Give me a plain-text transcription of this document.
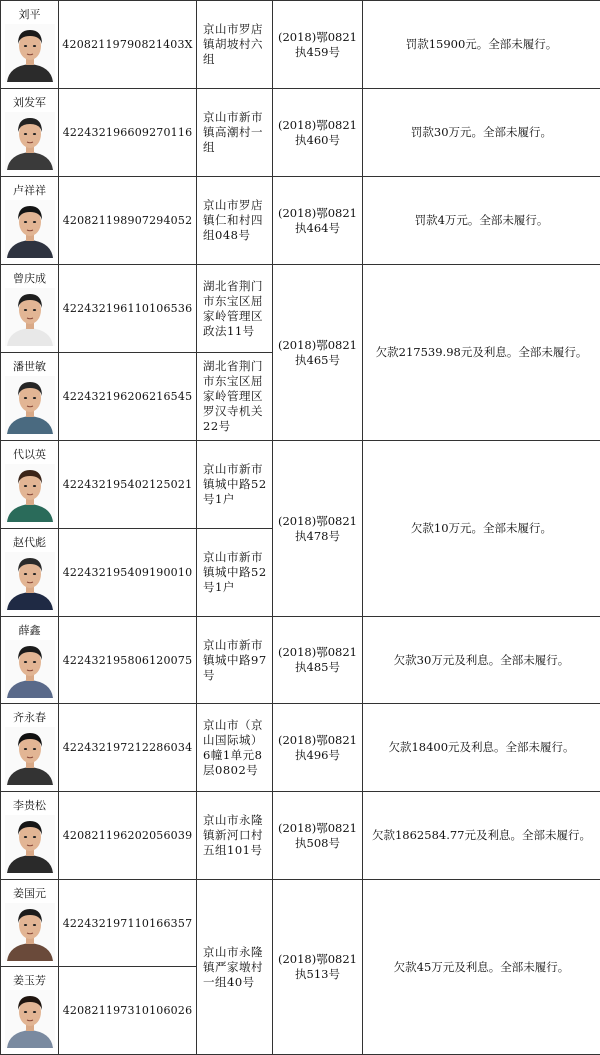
刘平	42082119790821403X	京山市罗店镇胡坡村六组	(2018)鄂0821执459号	罚款15900元。全部未履行。

刘发军	422432196609270116	京山市新市镇高潮村一组	(2018)鄂0821执460号	罚款30万元。全部未履行。

卢祥祥	420821198907294052	京山市罗店镇仁和村四组048号	(2018)鄂0821执464号	罚款4万元。全部未履行。

曾庆成	422432196110106536	湖北省荆门市东宝区屈家岭管理区政法11号	(2018)鄂0821执465号	欠款217539.98元及利息。全部未履行。

潘世敏	422432196206216545	湖北省荆门市东宝区屈家岭管理区罗汉寺机关22号		

代以英	422432195402125021	京山市新市镇城中路52号1户	(2018)鄂0821执478号	欠款10万元。全部未履行。

赵代彪	422432195409190010	京山市新市镇城中路52号1户		

薛鑫	422432195806120075	京山市新市镇城中路97号	(2018)鄂0821执485号	欠款30万元及利息。全部未履行。

齐永春	422432197212286034	京山市（京山国际城）6幢1单元8层0802号	(2018)鄂0821执496号	欠款18400元及利息。全部未履行。

李贵松	420821196202056039	京山市永隆镇新河口村五组101号	(2018)鄂0821执508号	欠款1862584.77元及利息。全部未履行。

姜国元	422432197110166357	京山市永隆镇严家墩村一组40号	(2018)鄂0821执513号	欠款45万元及利息。全部未履行。

姜玉芳	420821197310106026			
